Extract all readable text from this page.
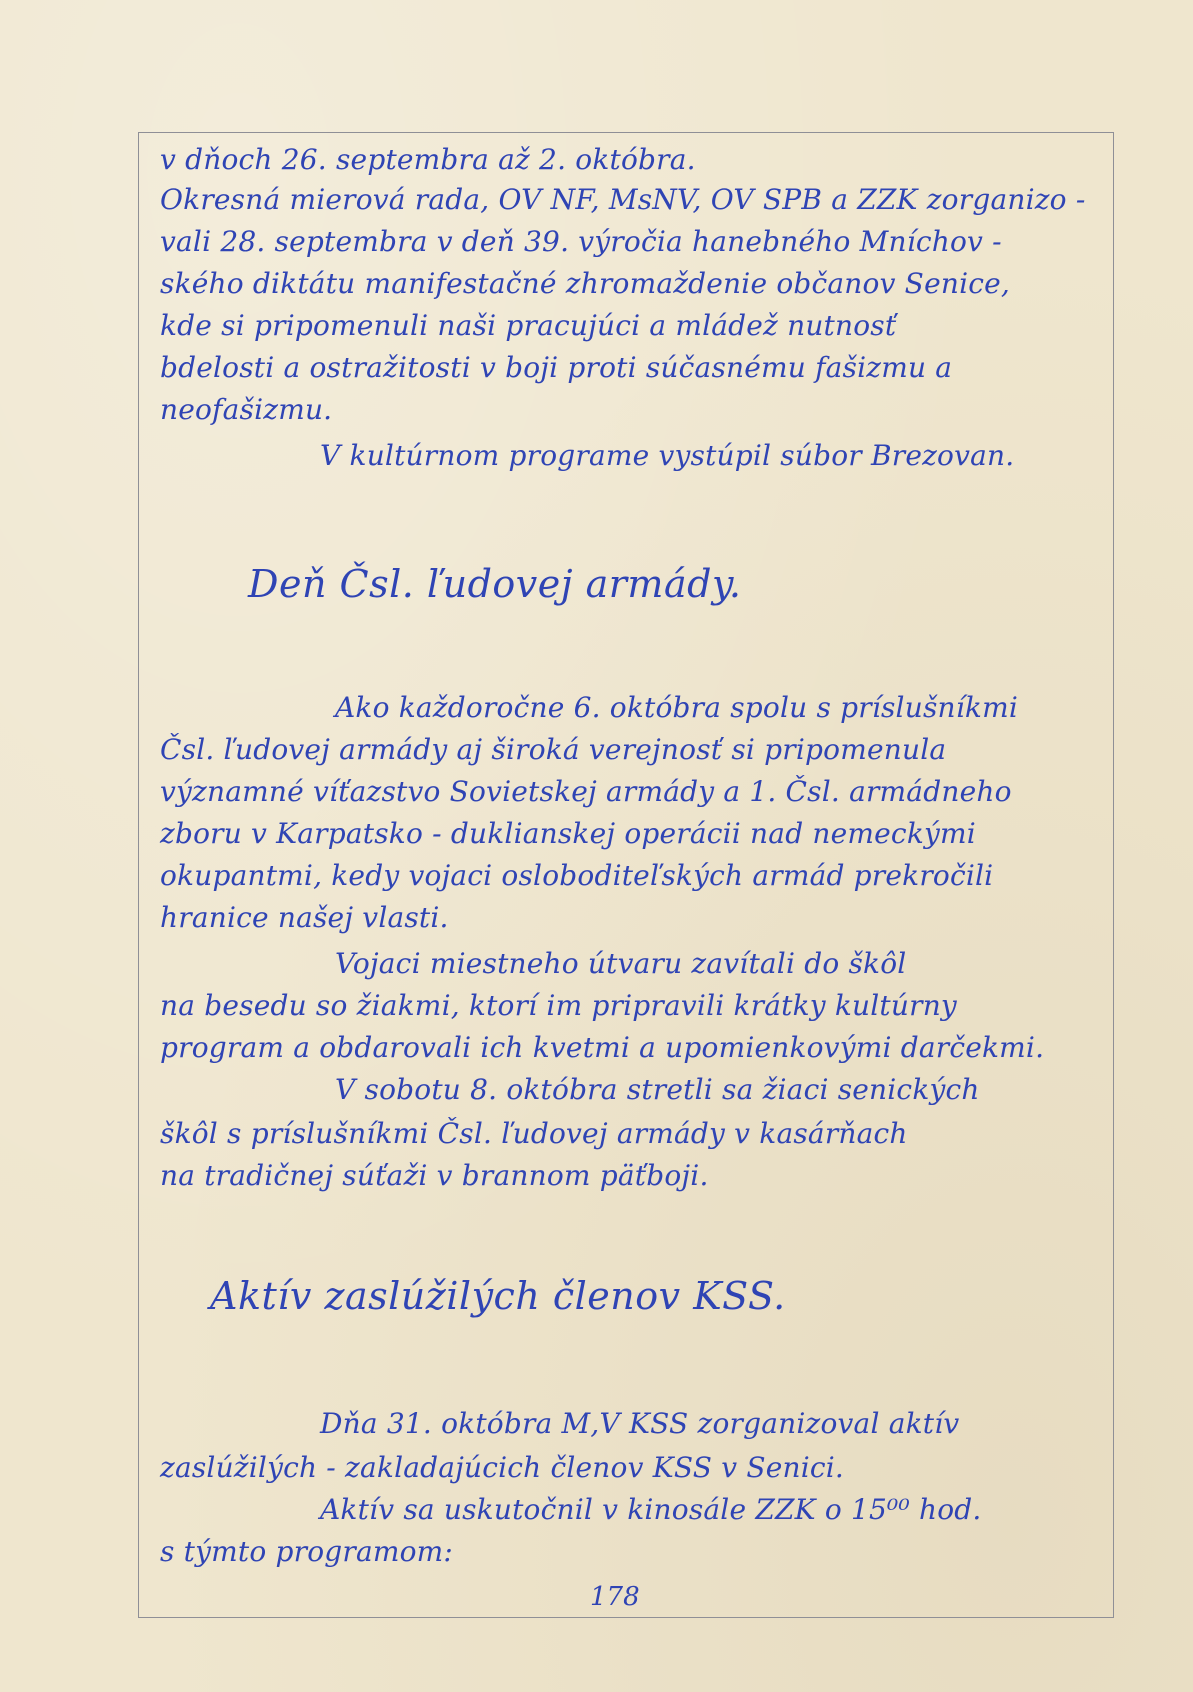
v dňoch 26. septembra až 2. októbra.

Okresná mierová rada, OV NF, MsNV, OV SPB a ZZK zorganizo -

vali 28. septembra v deň 39. výročia hanebného Mníchov -

ského diktátu manifestačné zhromaždenie občanov Senice,

kde si pripomenuli naši pracujúci a mládež nutnosť

bdelosti a ostražitosti v boji proti súčasnému fašizmu a

neofašizmu.

V kultúrnom programe vystúpil súbor Brezovan.

Deň Čsl. ľudovej armády.

Ako každoročne 6. októbra spolu s príslušníkmi

Čsl. ľudovej armády aj široká verejnosť si pripomenula

významné víťazstvo Sovietskej armády a 1. Čsl. armádneho

zboru v Karpatsko - duklianskej operácii nad nemeckými

okupantmi, kedy vojaci osloboditeľských armád prekročili

hranice našej vlasti.

Vojaci miestneho útvaru zavítali do škôl

na besedu so žiakmi, ktorí im pripravili krátky kultúrny

program a obdarovali ich kvetmi a upomienkovými darčekmi.

V sobotu 8. októbra stretli sa žiaci senických

škôl s príslušníkmi Čsl. ľudovej armády v kasárňach

na tradičnej súťaži v brannom päťboji.

Aktív zaslúžilých členov KSS.

Dňa 31. októbra M,V KSS zorganizoval aktív

zaslúžilých - zakladajúcich členov KSS v Senici.

Aktív sa uskutočnil v kinosále ZZK o 15⁰⁰ hod.

s týmto programom:

178
